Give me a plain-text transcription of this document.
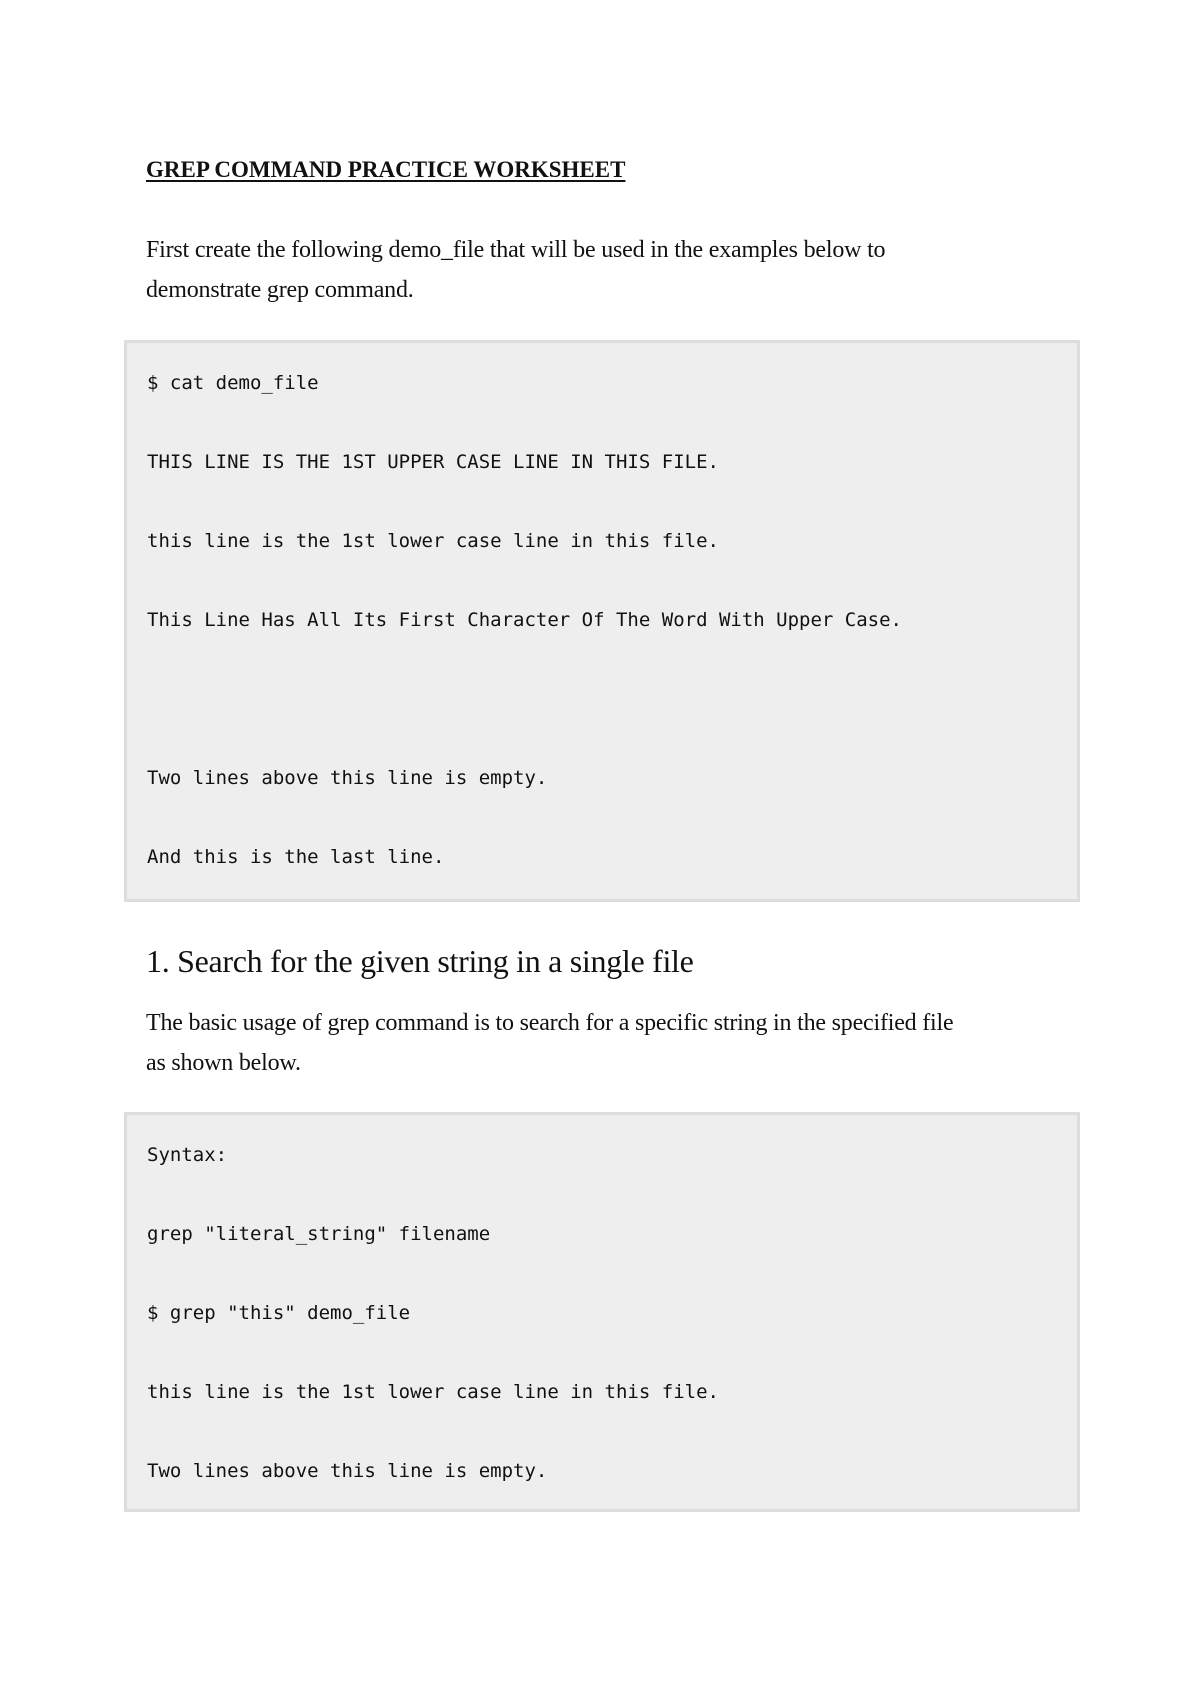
GREP COMMAND PRACTICE WORKSHEET
First create the following demo_file that will be used in the examples below to
demonstrate grep command.
$ cat demo_file
THIS LINE IS THE 1ST UPPER CASE LINE IN THIS FILE.
this line is the 1st lower case line in this file.
This Line Has All Its First Character Of The Word With Upper Case.
Two lines above this line is empty.
And this is the last line.
1. Search for the given string in a single file
The basic usage of grep command is to search for a specific string in the specified file
as shown below.
Syntax:
grep "literal_string" filename
$ grep "this" demo_file
this line is the 1st lower case line in this file.
Two lines above this line is empty.
